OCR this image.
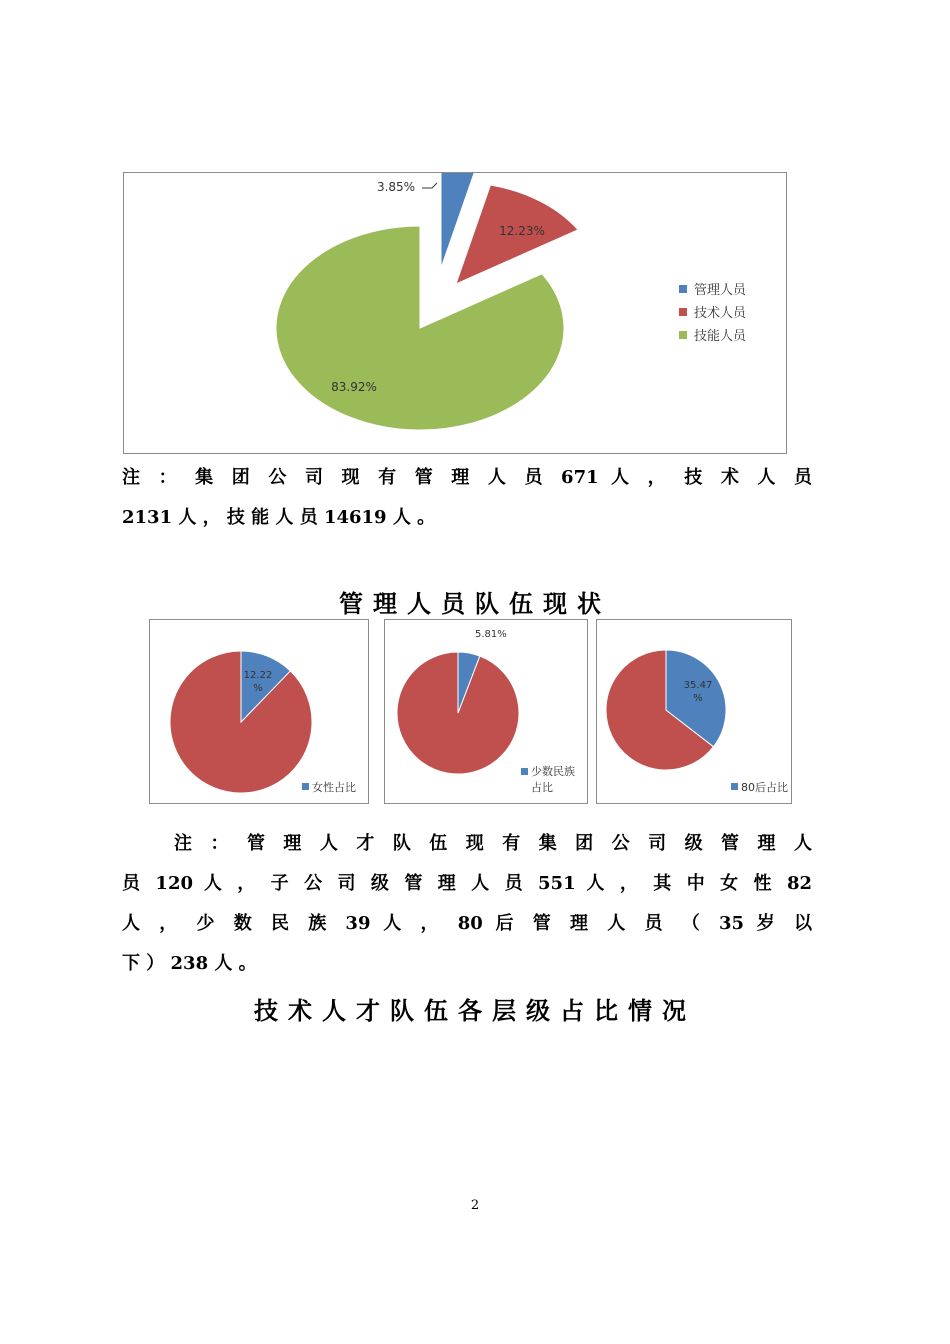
3.85%
12.23%
83.92%
管理人员
技术人员
技能人员
注 ： 集 团 公 司 现 有 管 理 人 员 671 人 ， 技 术 人 员
2131 人 ， 技 能 人 员 14619 人 。
管理人员队伍现状
12.22
%
女性占比
5.81%
少数民族
占比
35.47
%
80后占比
注 ： 管 理 人 才 队 伍 现 有 集 团 公 司 级 管 理 人
员 120 人 ， 子 公 司 级 管 理 人 员 551 人 ， 其 中 女 性 82
人 ， 少 数 民 族 39 人 ， 80 后 管 理 人 员 （ 35 岁 以
下 ） 238 人 。
技术人才队伍各层级占比情况
2
